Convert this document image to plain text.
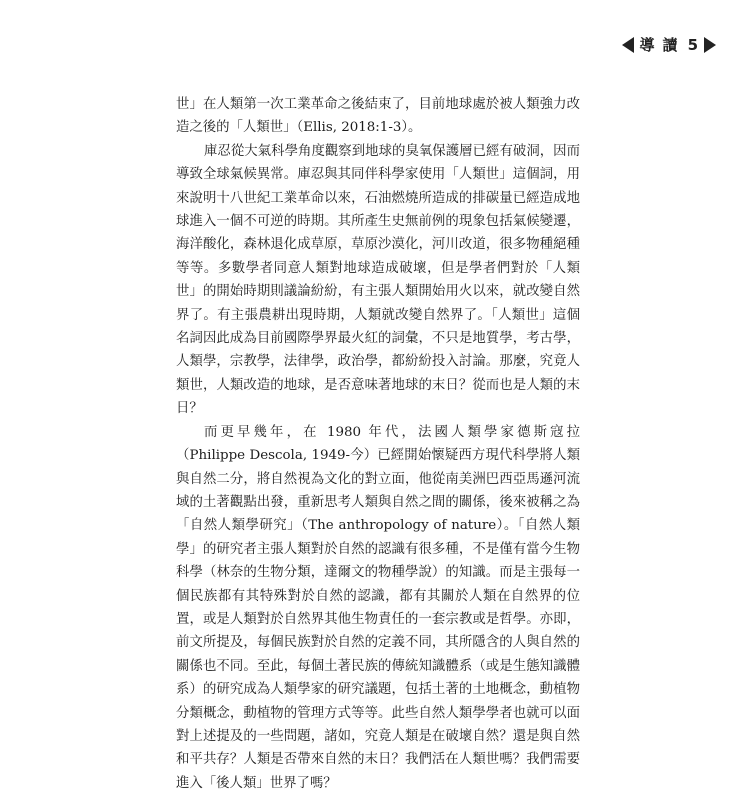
導讀 5

世」在人類第一次工業革命之後結束了，目前地球處於被人類強力改造之後的「人類世」（Ellis, 2018:1-3）。

庫忍從大氣科學角度觀察到地球的臭氧保護層已經有破洞，因而導致全球氣候異常。庫忍與其同伴科學家使用「人類世」這個詞，用來說明十八世紀工業革命以來，石油燃燒所造成的排碳量已經造成地球進入一個不可逆的時期。其所產生史無前例的現象包括氣候變遷，海洋酸化，森林退化成草原，草原沙漠化，河川改道，很多物種絕種等等。多數學者同意人類對地球造成破壞，但是學者們對於「人類世」的開始時期則議論紛紛，有主張人類開始用火以來，就改變自然界了。有主張農耕出現時期，人類就改變自然界了。「人類世」這個名詞因此成為目前國際學界最火紅的詞彙，不只是地質學，考古學，人類學，宗教學，法律學，政治學，都紛紛投入討論。那麼，究竟人類世，人類改造的地球，是否意味著地球的末日？從而也是人類的末日？

而更早幾年，在 1980 年代，法國人類學家德斯寇拉（Philippe Descola, 1949-今）已經開始懷疑西方現代科學將人類與自然二分，將自然視為文化的對立面，他從南美洲巴西亞馬遜河流域的土著觀點出發，重新思考人類與自然之間的關係，後來被稱之為「自然人類學研究」（The anthropology of nature）。「自然人類學」的研究者主張人類對於自然的認識有很多種，不是僅有當今生物科學（林奈的生物分類，達爾文的物種學說）的知識。而是主張每一個民族都有其特殊對於自然的認識，都有其關於人類在自然界的位置，或是人類對於自然界其他生物責任的一套宗教或是哲學。亦即，前文所提及，每個民族對於自然的定義不同，其所隱含的人與自然的關係也不同。至此，每個土著民族的傳統知識體系（或是生態知識體系）的研究成為人類學家的研究議題，包括土著的土地概念，動植物分類概念，動植物的管理方式等等。此些自然人類學學者也就可以面對上述提及的一些問題，諸如，究竟人類是在破壞自然？還是與自然和平共存？人類是否帶來自然的末日？我們活在人類世嗎？我們需要進入「後人類」世界了嗎？
